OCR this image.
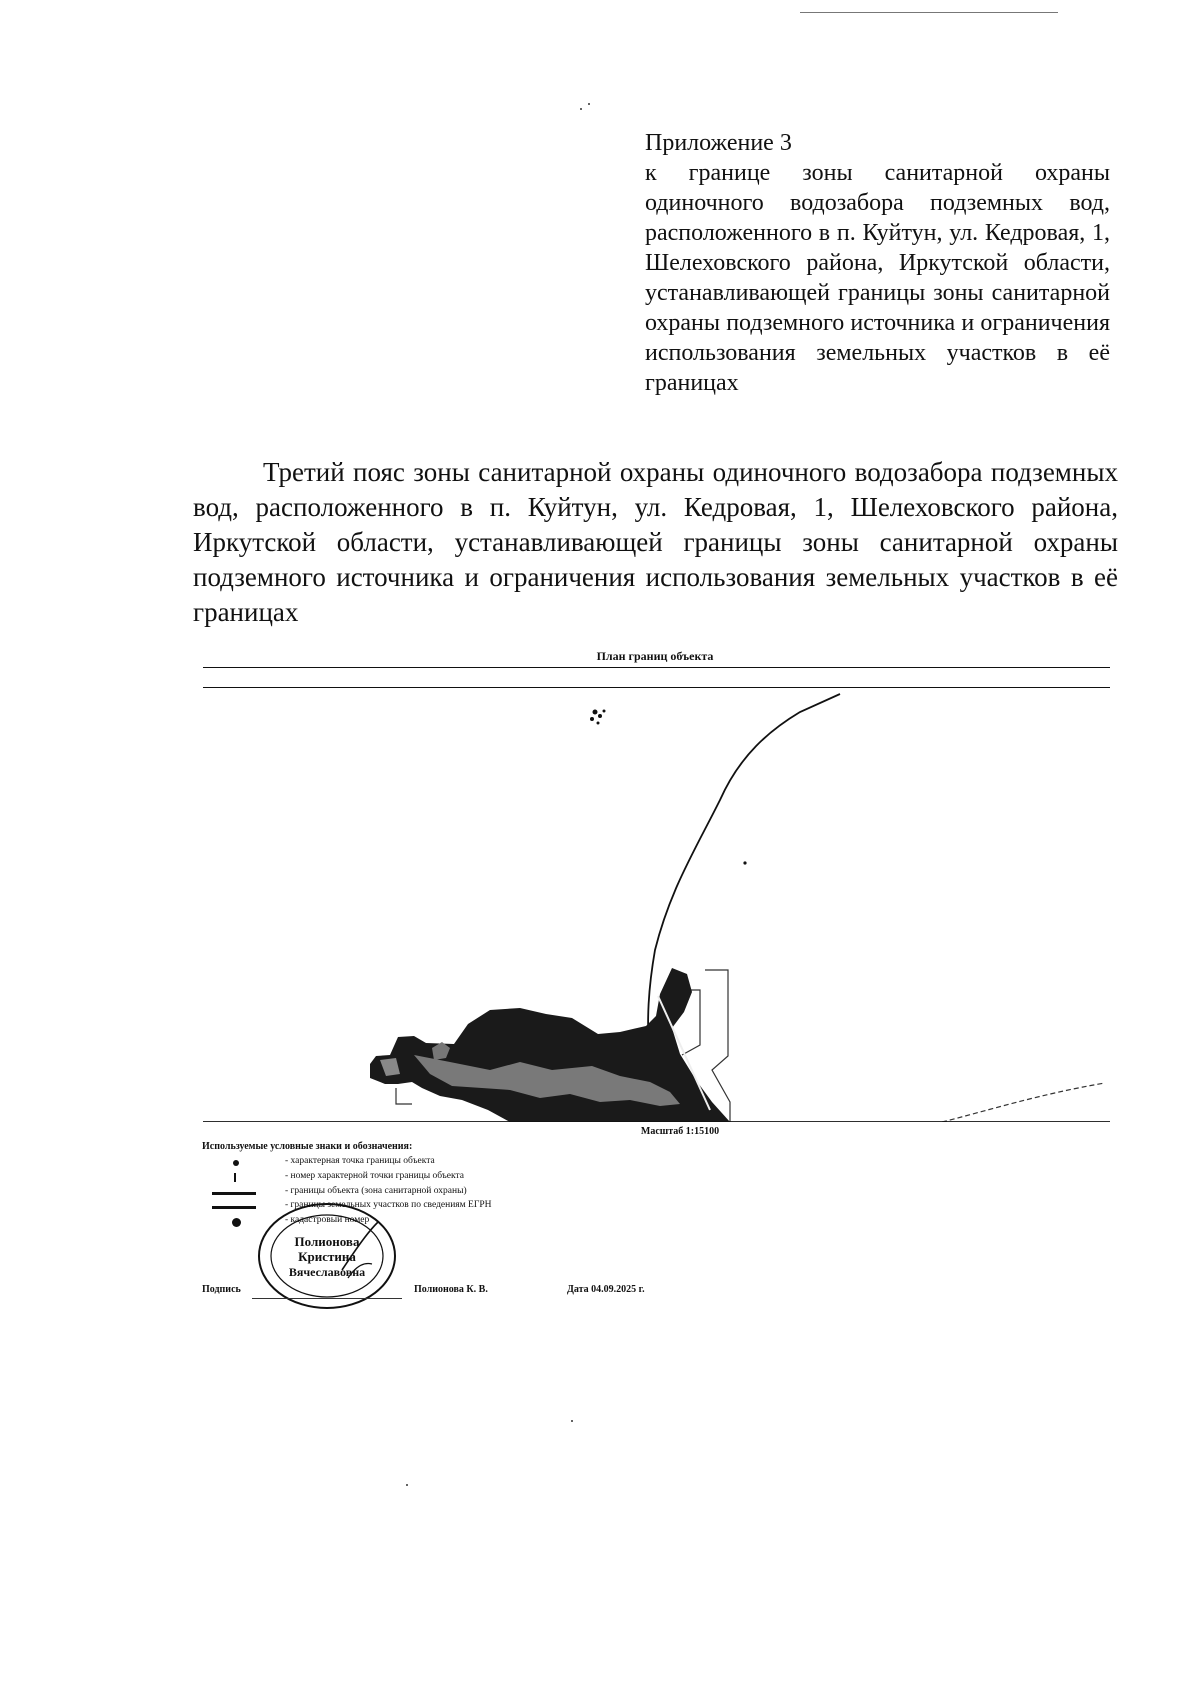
Приложение 3
к границе зоны санитарной охраны одиночного водозабора подземных вод, расположенного в п. Куйтун, ул. Кедровая, 1, Шелеховского района, Иркутской области, устанавливающей границы зоны санитарной охраны подземного источника и ограничения использования земельных участков в её границах
Третий пояс зоны санитарной охраны одиночного водозабора подземных вод, расположенного в п. Куйтун, ул. Кедровая, 1, Шелеховского района, Иркутской области, устанавливающей границы зоны санитарной охраны подземного источника и ограничения использования земельных участков в её границах
План границ объекта
Масштаб 1:15100
Используемые условные знаки и обозначения:
- характерная точка границы объекта
- номер характерной точки границы объекта
- границы объекта (зона санитарной охраны)
- границы земельных участков по сведениям ЕГРН
- кадастровый номер
Полионова
Кристина
Вячеславовна
Подпись	Полионова К. В.	Дата 04.09.2025 г.
